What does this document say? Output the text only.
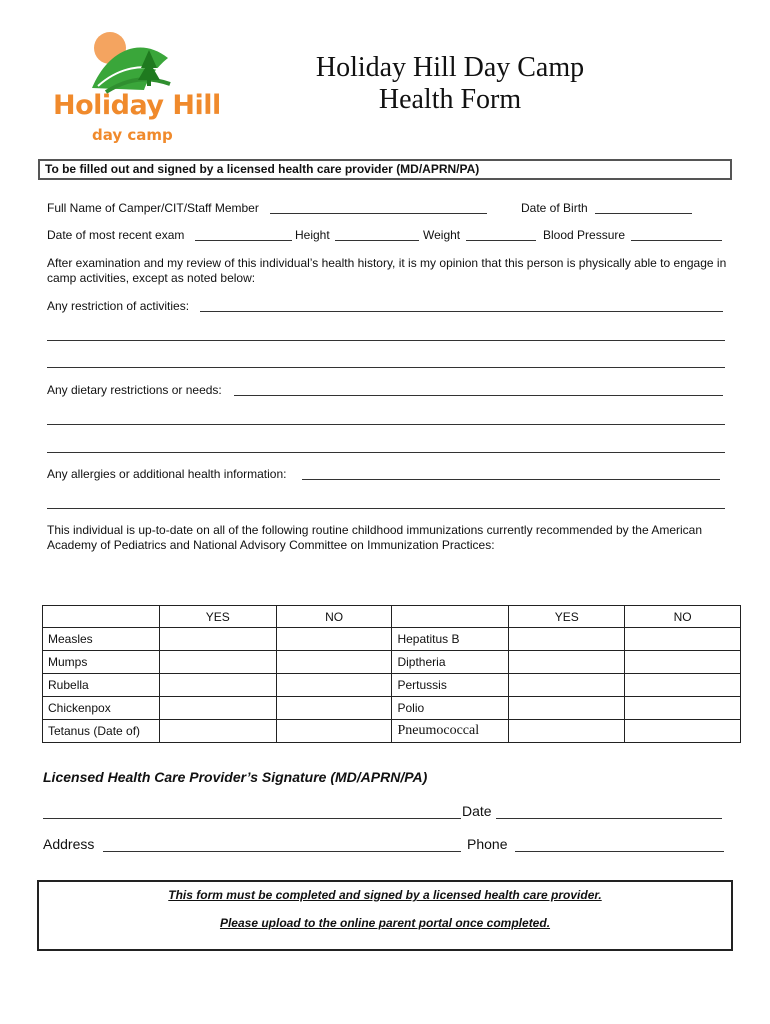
Holiday Hill
day camp
Holiday Hill Day Camp
Health Form
To be filled out and signed by a licensed health care provider (MD/APRN/PA)
Full Name of Camper/CIT/Staff Member	Date of Birth
Date of most recent exam	Height	Weight	Blood Pressure
After examination and my review of this individual’s health history, it is my opinion that this person is physically able to engage in camp activities, except as noted below:
Any restriction of activities:
Any dietary restrictions or needs:
Any allergies or additional health information:
This individual is up-to-date on all of the following routine childhood immunizations currently recommended by the American Academy of Pediatrics and National Advisory Committee on Immunization Practices:
	YES	NO		YES	NO
Measles			Hepatitus B		
Mumps			Diptheria		
Rubella			Pertussis		
Chickenpox			Polio		
Tetanus (Date of)			Pneumococcal		
Licensed Health Care Provider’s Signature (MD/APRN/PA)
Date
Address	Phone
This form must be completed and signed by a licensed health care provider.
Please upload to the online parent portal once completed.
